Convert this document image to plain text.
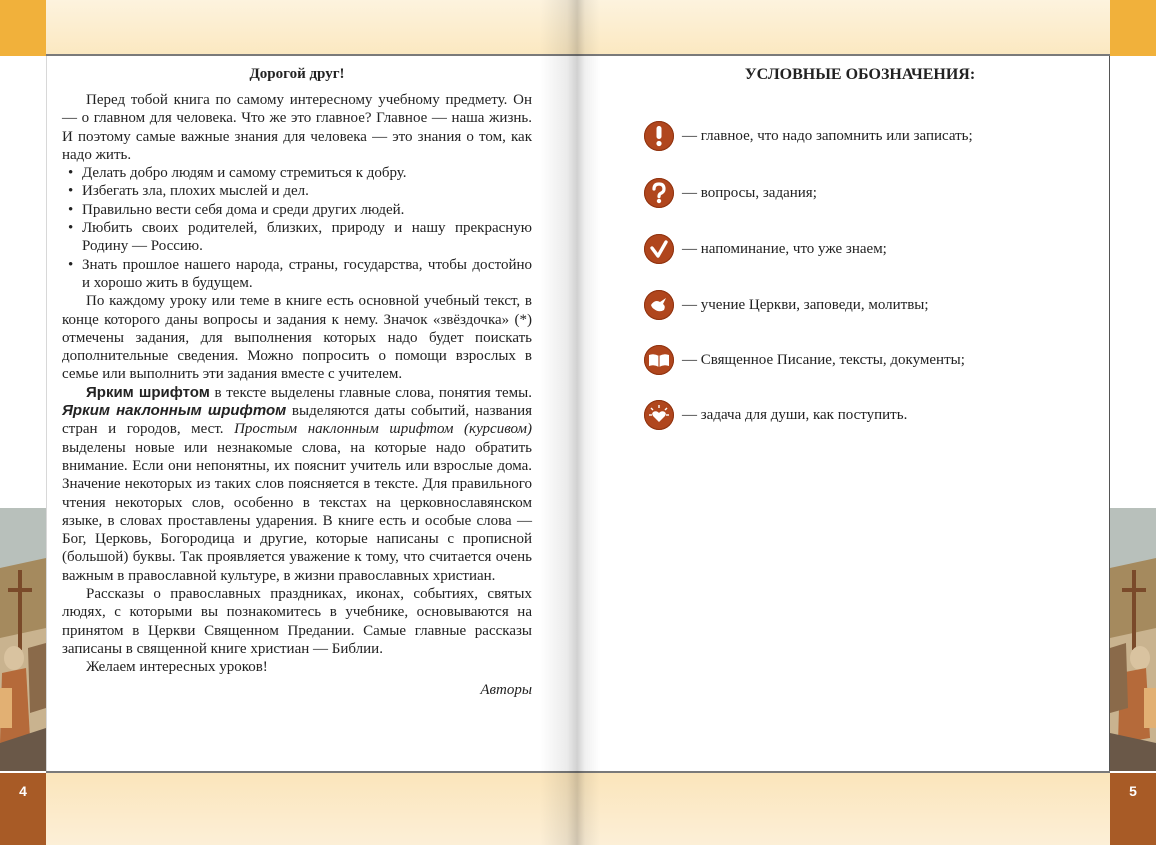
4	5
Дорогой друг!

Перед тобой книга по самому интересному учебному предмету. Он — о главном для человека. Что же это главное? Главное — наша жизнь. И поэтому самые важные знания для человека — это знания о том, как надо жить.

• Делать добро людям и самому стремиться к добру.

• Избегать зла, плохих мыслей и дел.

• Правильно вести себя дома и среди других людей.

• Любить своих родителей, близких, природу и нашу прекрасную Родину — Россию.

• Знать прошлое нашего народа, страны, государства, чтобы достойно и хорошо жить в будущем.

По каждому уроку или теме в книге есть основной учебный текст, в конце которого даны вопросы и задания к нему. Значок «звёздочка» (*) отмечены задания, для выполнения которых надо будет поискать дополнительные сведения. Можно попросить о помощи взрослых в семье или выполнить эти задания вместе с учителем.

Ярким шрифтом в тексте выделены главные слова, понятия темы. Ярким наклонным шрифтом выделяются даты событий, названия стран и городов, мест. Простым наклонным шрифтом (курсивом) выделены новые или незнакомые слова, на которые надо обратить внимание. Если они непонятны, их пояснит учитель или взрослые дома. Значение некоторых из таких слов поясняется в тексте. Для правильного чтения некоторых слов, особенно в текстах на церковнославянском языке, в словах проставлены ударения. В книге есть и особые слова — Бог, Церковь, Богородица и другие, которые написаны с прописной (большой) буквы. Так проявляется уважение к тому, что считается очень важным в православной культуре, в жизни православных христиан.

Рассказы о православных праздниках, иконах, событиях, святых людях, с которыми вы познакомитесь в учебнике, основываются на принятом в Церкви Священном Предании. Самые главные рассказы записаны в священной книге христиан — Библии.

Желаем интересных уроков!

Авторы
УСЛОВНЫЕ ОБОЗНАЧЕНИЯ:
— главное, что надо запомнить или записать;
— вопросы, задания;
— напоминание, что уже знаем;
— учение Церкви, заповеди, молитвы;
— Священное Писание, тексты, документы;
— задача для души, как поступить.
